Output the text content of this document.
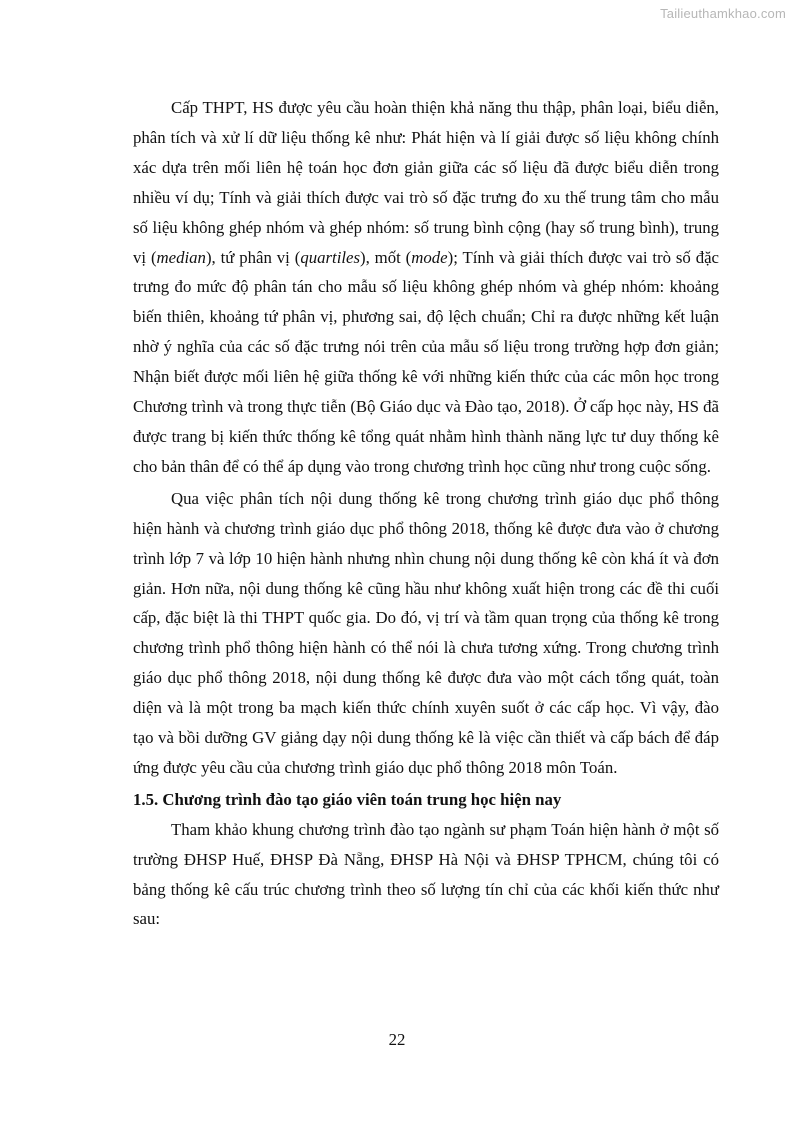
Tailieuthamkhao.com

Cấp THPT, HS được yêu cầu hoàn thiện khả năng thu thập, phân loại, biểu diễn, phân tích và xử lí dữ liệu thống kê như: Phát hiện và lí giải được số liệu không chính xác dựa trên mối liên hệ toán học đơn giản giữa các số liệu đã được biểu diễn trong nhiều ví dụ; Tính và giải thích được vai trò số đặc trưng đo xu thế trung tâm cho mẫu số liệu không ghép nhóm và ghép nhóm: số trung bình cộng (hay số trung bình), trung vị (median), tứ phân vị (quartiles), mốt (mode); Tính và giải thích được vai trò số đặc trưng đo mức độ phân tán cho mẫu số liệu không ghép nhóm và ghép nhóm: khoảng biến thiên, khoảng tứ phân vị, phương sai, độ lệch chuẩn; Chỉ ra được những kết luận nhờ ý nghĩa của các số đặc trưng nói trên của mẫu số liệu trong trường hợp đơn giản; Nhận biết được mối liên hệ giữa thống kê với những kiến thức của các môn học trong Chương trình và trong thực tiễn (Bộ Giáo dục và Đào tạo, 2018). Ở cấp học này, HS đã được trang bị kiến thức thống kê tổng quát nhằm hình thành năng lực tư duy thống kê cho bản thân để có thể áp dụng vào trong chương trình học cũng như trong cuộc sống.

Qua việc phân tích nội dung thống kê trong chương trình giáo dục phổ thông hiện hành và chương trình giáo dục phổ thông 2018, thống kê được đưa vào ở chương trình lớp 7 và lớp 10 hiện hành nhưng nhìn chung nội dung thống kê còn khá ít và đơn giản. Hơn nữa, nội dung thống kê cũng hầu như không xuất hiện trong các đề thi cuối cấp, đặc biệt là thi THPT quốc gia. Do đó, vị trí và tầm quan trọng của thống kê trong chương trình phổ thông hiện hành có thể nói là chưa tương xứng. Trong chương trình giáo dục phổ thông 2018, nội dung thống kê được đưa vào một cách tổng quát, toàn diện và là một trong ba mạch kiến thức chính xuyên suốt ở các cấp học. Vì vậy, đào tạo và bồi dưỡng GV giảng dạy nội dung thống kê là việc cần thiết và cấp bách để đáp ứng được yêu cầu của chương trình giáo dục phổ thông 2018 môn Toán.

1.5. Chương trình đào tạo giáo viên toán trung học hiện nay

Tham khảo khung chương trình đào tạo ngành sư phạm Toán hiện hành ở một số trường ĐHSP Huế, ĐHSP Đà Nẵng, ĐHSP Hà Nội và ĐHSP TPHCM, chúng tôi có bảng thống kê cấu trúc chương trình theo số lượng tín chỉ của các khối kiến thức như sau:

22
